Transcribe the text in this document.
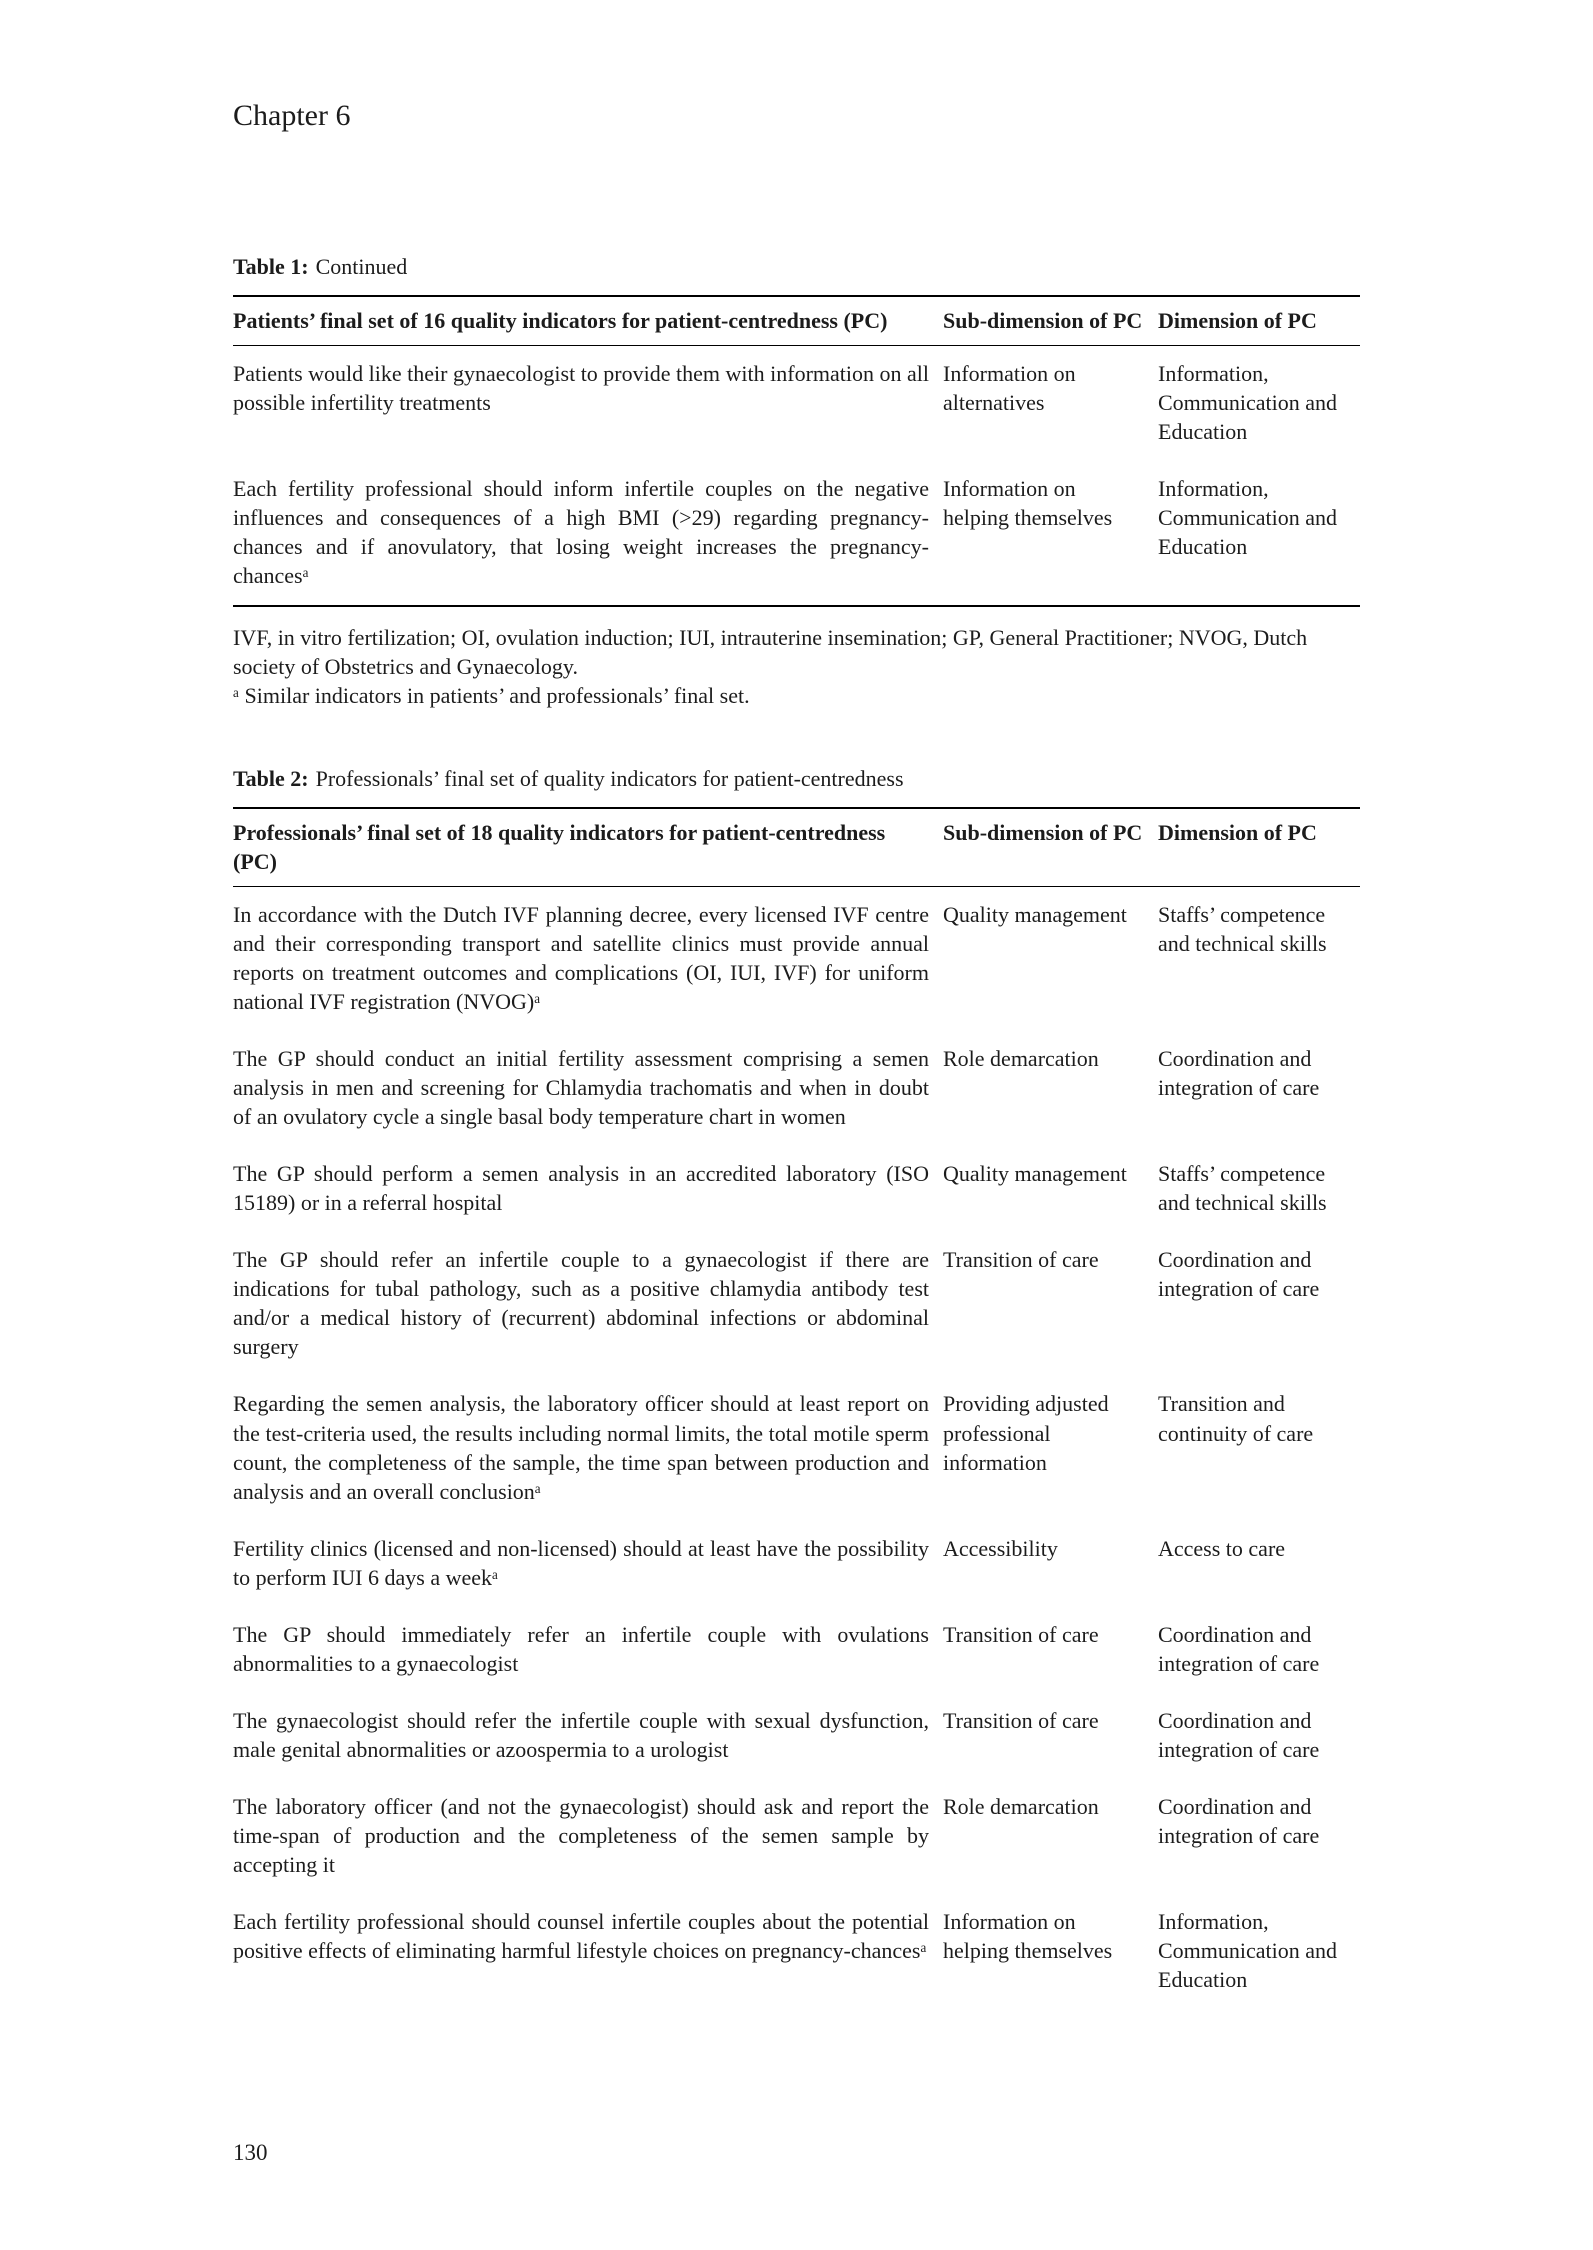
Chapter 6

Table 1: Continued

Patients’ final set of 16 quality indicators for patient-centredness (PC)	Sub-dimension of PC	Dimension of PC
Patients would like their gynaecologist to provide them with information on all possible infertility treatments	Information on alternatives	Information, Communication and Education
Each fertility professional should inform infertile couples on the negative influences and consequences of a high BMI (>29) regarding pregnancy-chances and if anovulatory, that losing weight increases the pregnancy-chancesᵃ	Information on helping themselves	Information, Communication and Education

IVF, in vitro fertilization; OI, ovulation induction; IUI, intrauterine insemination; GP, General Practitioner; NVOG, Dutch society of Obstetrics and Gynaecology.

ᵃ Similar indicators in patients’ and professionals’ final set.

Table 2: Professionals’ final set of quality indicators for patient-centredness

Professionals’ final set of 18 quality indicators for patient-centredness (PC)	Sub-dimension of PC	Dimension of PC
In accordance with the Dutch IVF planning decree, every licensed IVF centre and their corresponding transport and satellite clinics must provide annual reports on treatment outcomes and complications (OI, IUI, IVF) for uniform national IVF registration (NVOG)ᵃ	Quality management	Staffs’ competence and technical skills
The GP should conduct an initial fertility assessment comprising a semen analysis in men and screening for Chlamydia trachomatis and when in doubt of an ovulatory cycle a single basal body temperature chart in women	Role demarcation	Coordination and integration of care
The GP should perform a semen analysis in an accredited laboratory (ISO 15189) or in a referral hospital	Quality management	Staffs’ competence and technical skills
The GP should refer an infertile couple to a gynaecologist if there are indications for tubal pathology, such as a positive chlamydia antibody test and/or a medical history of (recurrent) abdominal infections or abdominal surgery	Transition of care	Coordination and integration of care
Regarding the semen analysis, the laboratory officer should at least report on the test-criteria used, the results including normal limits, the total motile sperm count, the completeness of the sample, the time span between production and analysis and an overall conclusionᵃ	Providing adjusted professional information	Transition and continuity of care
Fertility clinics (licensed and non-licensed) should at least have the possibility to perform IUI 6 days a weekᵃ	Accessibility	Access to care
The GP should immediately refer an infertile couple with ovulations abnormalities to a gynaecologist	Transition of care	Coordination and integration of care
The gynaecologist should refer the infertile couple with sexual dysfunction, male genital abnormalities or azoospermia to a urologist	Transition of care	Coordination and integration of care
The laboratory officer (and not the gynaecologist) should ask and report the time-span of production and the completeness of the semen sample by accepting it	Role demarcation	Coordination and integration of care
Each fertility professional should counsel infertile couples about the potential positive effects of eliminating harmful lifestyle choices on pregnancy-chancesᵃ	Information on helping themselves	Information, Communication and Education
130
